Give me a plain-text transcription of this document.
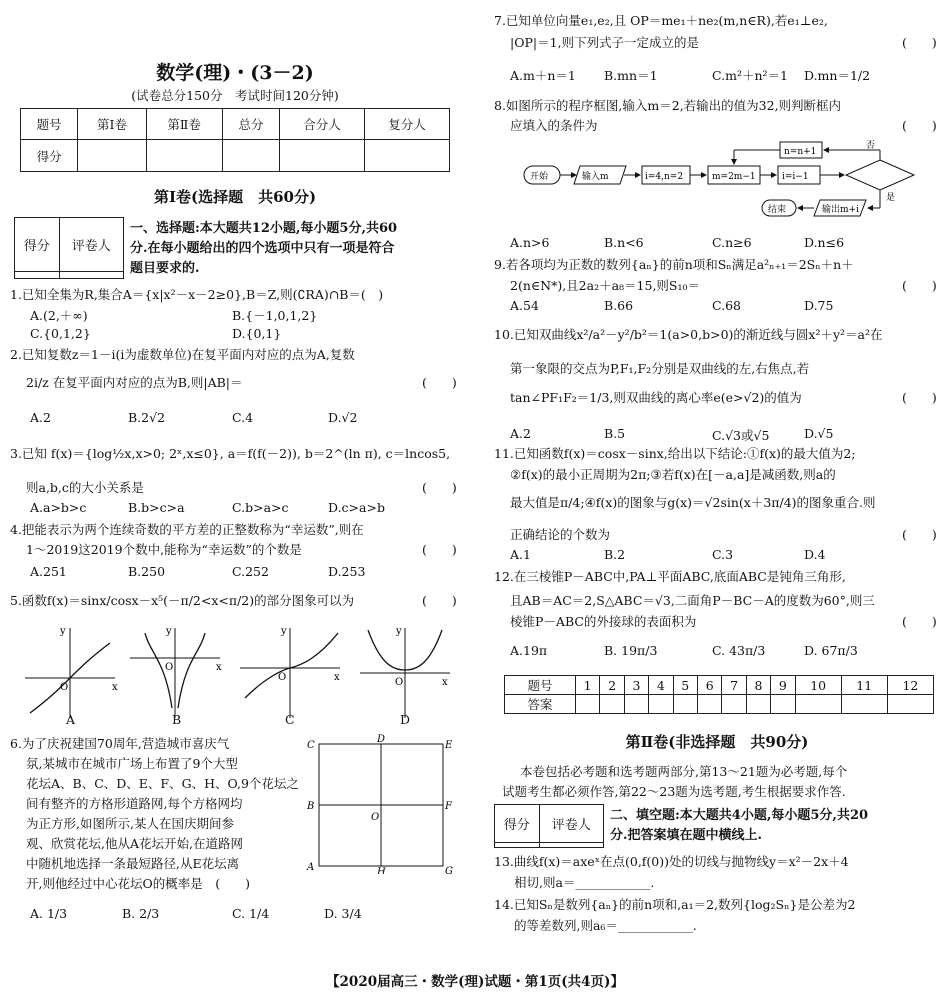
数学(理)・(3－2)
(试卷总分150分　考试时间120分钟)
题号	第Ⅰ卷	第Ⅱ卷	总分	合分人	复分人
得分					
第Ⅰ卷(选择题　共60分)
得分	评卷人

一、选择题:本大题共12小题,每小题5分,共60
分.在每小题给出的四个选项中只有一项是符合
题目要求的.
1.已知全集为R,集合A＝{x|x²－x－2≥0},B＝Z,则(∁RA)∩B＝(　)
A.(2,＋∞)	B.{－1,0,1,2}
C.{0,1,2}	D.{0,1}
2.已知复数z＝1－i(i为虚数单位)在复平面内对应的点为A,复数
2i/z 在复平面内对应的点为B,则|AB|＝	(　　)
A.2	B.2√2	C.4	D.√2
3.已知 f(x)＝{log½x,x>0; 2ˣ,x≤0}, a＝f(f(－2)), b＝2^(ln π), c＝lncos5,
则a,b,c的大小关系是	(　　)
A.a>b>c	B.b>c>a	C.b>a>c	D.c>a>b
4.把能表示为两个连续奇数的平方差的正整数称为“幸运数”,则在
1～2019这2019个数中,能称为“幸运数”的个数是	(　　)
A.251	B.250	C.252	D.253
5.函数f(x)＝sinx/cosx－x⁵(－π/2<x<π/2)的部分图象可以为	(　　)
y
x
O
y
x
O
y
x
O
y
x
O
A	B	C	D
6.为了庆祝建国70周年,营造城市喜庆气
氛,某城市在城市广场上布置了9个大型
花坛A、B、C、D、E、F、G、H、O,9个花坛之
间有整齐的方格形道路网,每个方格网均
为正方形,如图所示,某人在国庆期间参
观、欣赏花坛,他从A花坛开始,在道路网
中随机地选择一条最短路径,从E花坛离
开,则他经过中心花坛O的概率是　(　　)
C
D
E
B
O
F
A	H	G
A. 1/3	B. 2/3	C. 1/4	D. 3/4
7.已知单位向量e₁,e₂,且 OP＝me₁＋ne₂(m,n∈R),若e₁⊥e₂,
|OP|＝1,则下列式子一定成立的是	(　　)
A.m＋n＝1 B.mn＝1	C.m²＋n²＝1 D.mn＝1/2
8.如图所示的程序框图,输入m＝2,若输出的值为32,则判断框内
应填入的条件为	(　　)
开始	输入m	i=4,n=2	m=2m−1	i=i−1
否
n=n+1
是
输出m+i
结束
A.n>6	B.n<6	C.n≥6	D.n≤6
9.若各项均为正数的数列{aₙ}的前n项和Sₙ满足a²ₙ₊₁＝2Sₙ＋n＋
2(n∈N*),且2a₂＋a₈＝15,则S₁₀＝	(　　)
A.54	B.66	C.68	D.75
10.已知双曲线x²/a²－y²/b²＝1(a>0,b>0)的渐近线与圆x²＋y²＝a²在
第一象限的交点为P,F₁,F₂分别是双曲线的左,右焦点,若
tan∠PF₁F₂＝1/3,则双曲线的离心率e(e>√2)的值为	(　　)
A.2	B.5	C.√3或√5	D.√5
11.已知函数f(x)＝cosx－sinx,给出以下结论:①f(x)的最大值为2;
②f(x)的最小正周期为2π;③若f(x)在[－a,a]是减函数,则a的
最大值是π/4;④f(x)的图象与g(x)＝√2sin(x＋3π/4)的图象重合.则
正确结论的个数为	(　　)
A.1	B.2	C.3	D.4
12.在三棱锥P－ABC中,PA⊥平面ABC,底面ABC是钝角三角形,
且AB＝AC＝2,S△ABC＝√3,二面角P－BC－A的度数为60°,则三
棱锥P－ABC的外接球的表面积为	(　　)
A.19π	B. 19π/3	C. 43π/3	D. 67π/3
题号	1	2	3	4	5	6	7	8	9	10	11	12
答案												
第Ⅱ卷(非选择题　共90分)
本卷包括必考题和选考题两部分,第13～21题为必考题,每个
试题考生都必须作答,第22～23题为选考题,考生根据要求作答.
得分	评卷人

二、填空题:本大题共4小题,每小题5分,共20
分.把答案填在题中横线上.
13.曲线f(x)＝axeˣ在点(0,f(0))处的切线与抛物线y＝x²－2x＋4
相切,则a＝____________.
14.已知Sₙ是数列{aₙ}的前n项和,a₁＝2,数列{log₂Sₙ}是公差为2
的等差数列,则a₆＝____________.
【2020届高三・数学(理)试题・第1页(共4页)】
